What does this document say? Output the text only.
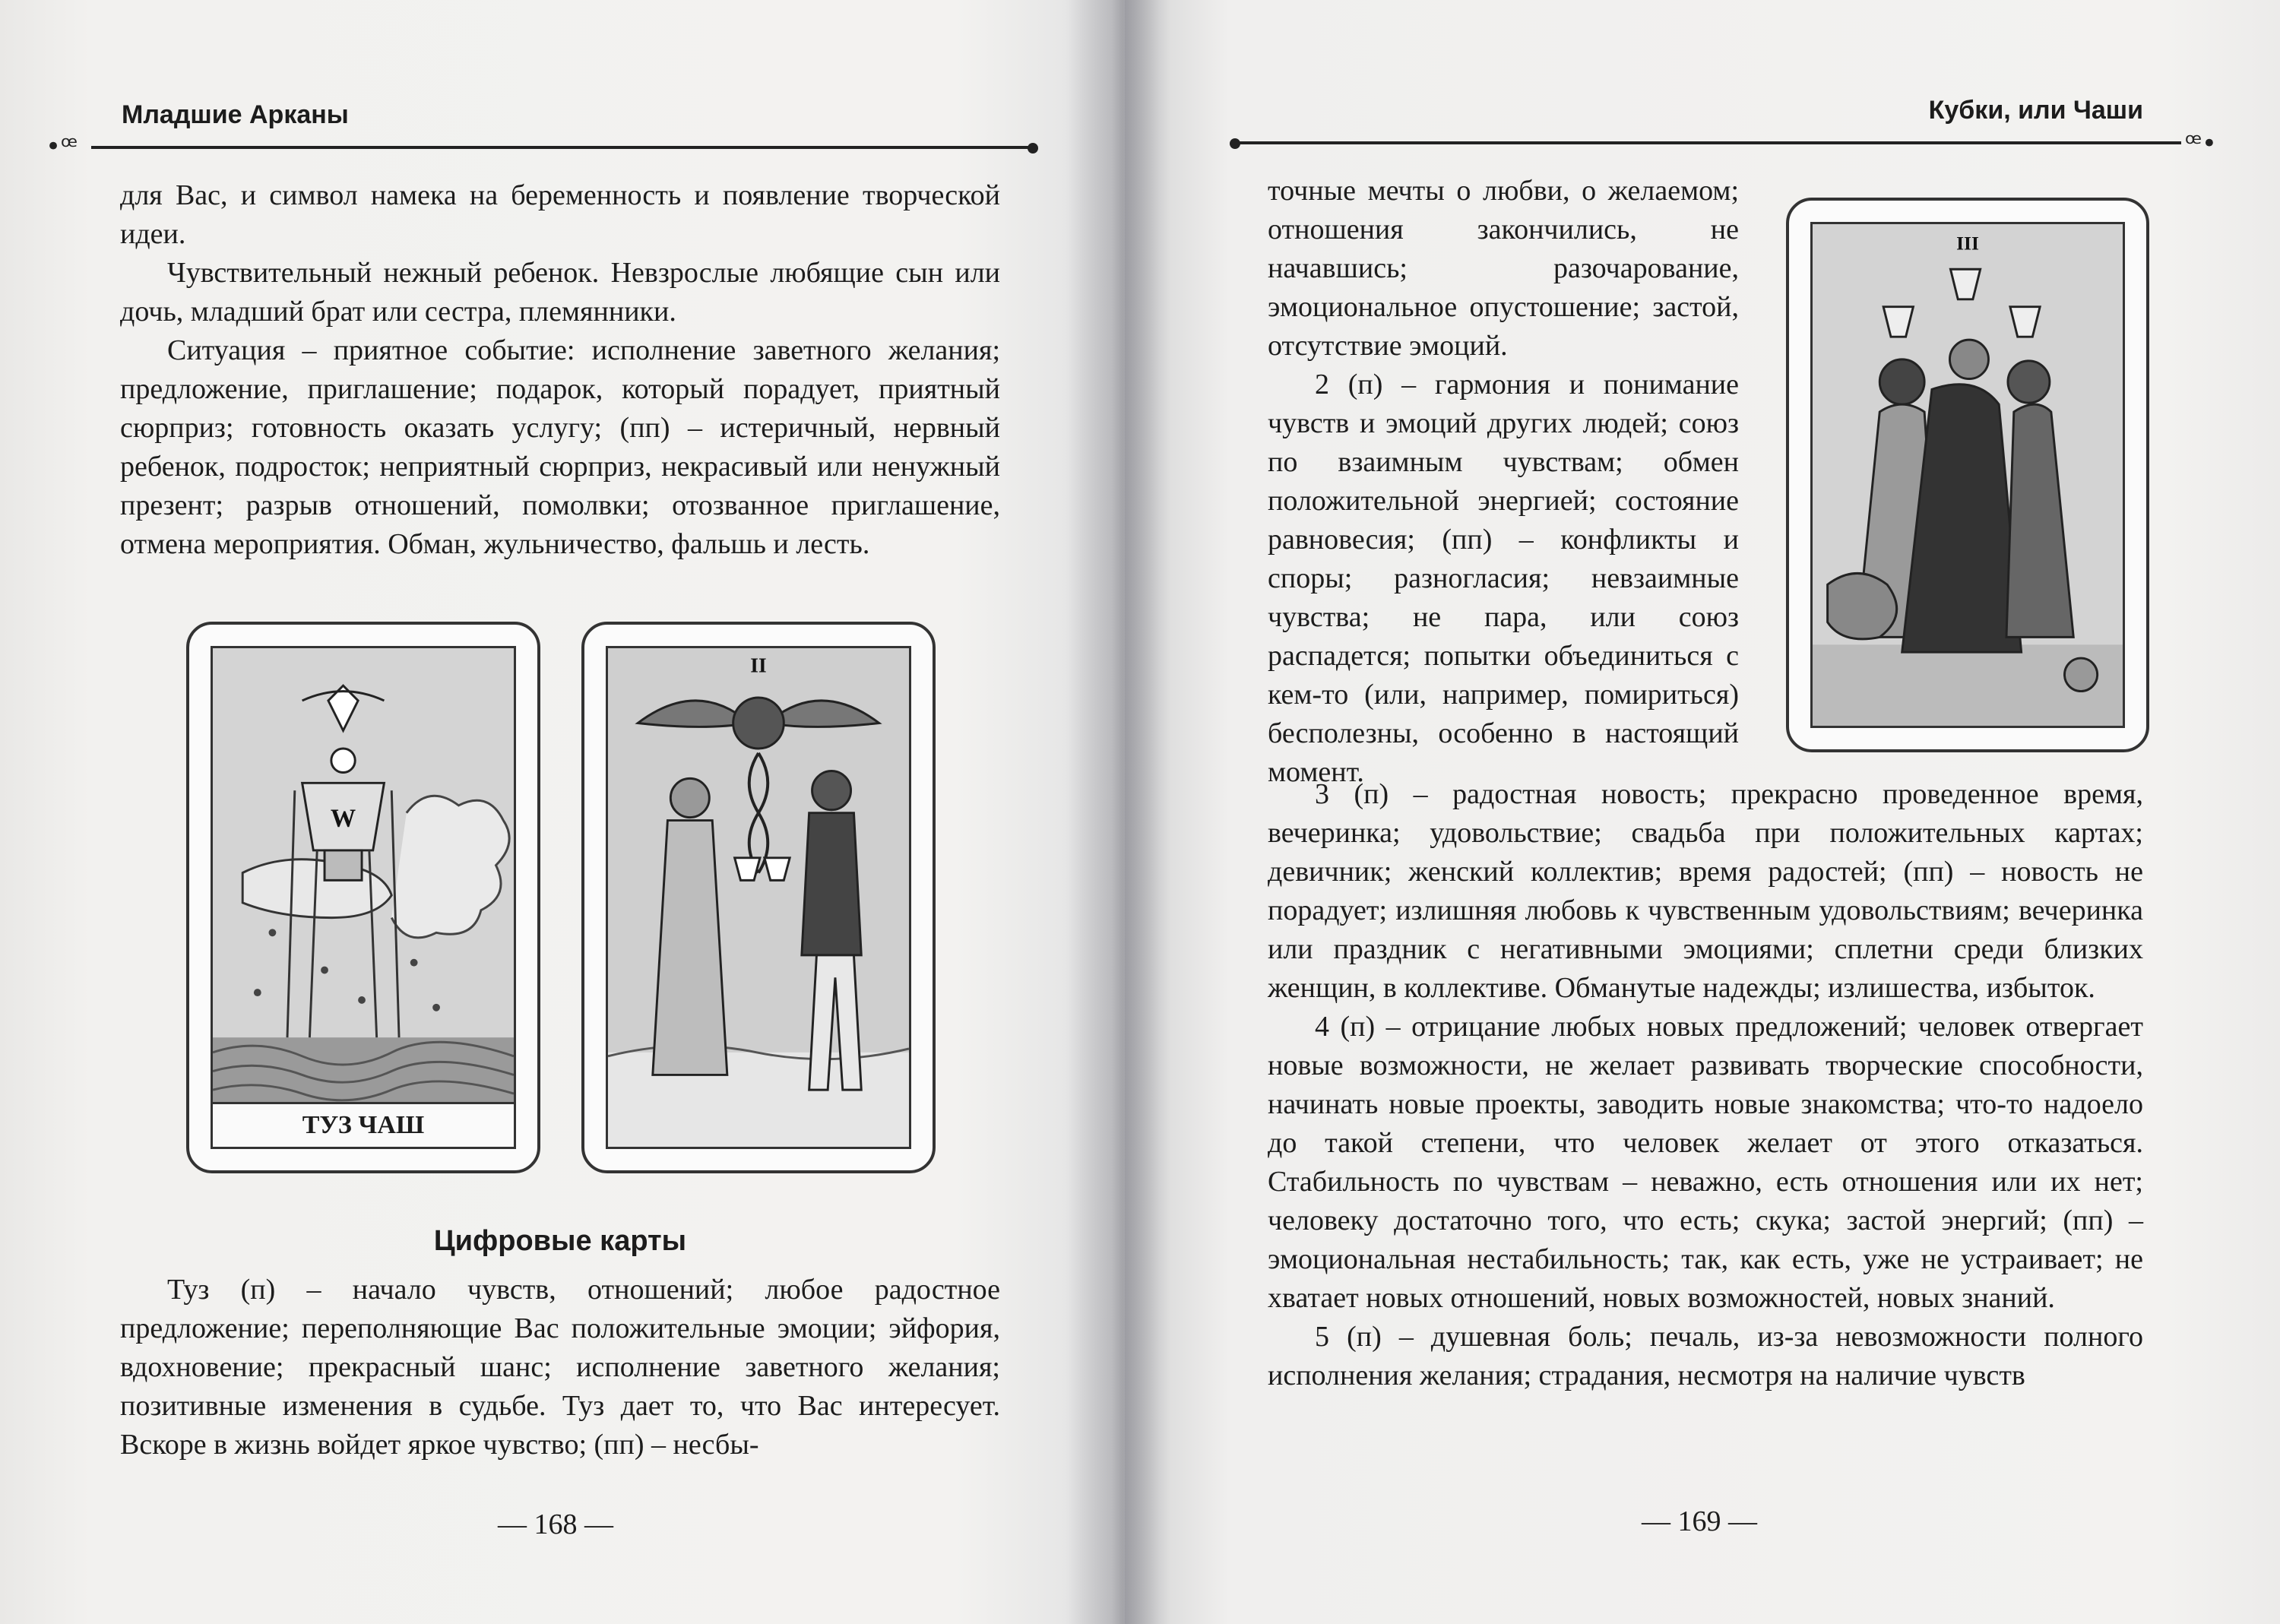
•ꟹ
Младшие Арканы

для Вас, и символ намека на беременность и появление творческой идеи.

Чувствительный нежный ребенок. Невзрослые любящие сын или дочь, младший брат или сестра, племянники.

Ситуация – приятное событие: исполнение заветного желания; предложение, приглашение; подарок, который порадует, приятный сюрприз; готовность оказать услугу; (пп) – истеричный, нервный ребенок, подросток; неприятный сюрприз, некрасивый или ненужный презент; разрыв отношений, помолвки; отозванное приглашение, отмена мероприятия. Обман, жульничество, фальшь и лесть.

W
ТУЗ ЧАШ
II
Цифровые карты

Туз (п) – начало чувств, отношений; любое радостное предложение; переполняющие Вас положительные эмоции; эйфория, вдохновение; прекрасный шанс; исполнение заветного желания; позитивные изменения в судьбе. Туз дает то, что Вас интересует. Вскоре в жизнь войдет яркое чувство; (пп) – несбы-

— 168 —
ꟹ•
Кубки, или Чаши

точные мечты о любви, о желаемом; отношения закончились, не начавшись; разочарование, эмоциональное опустошение; застой, отсутствие эмоций.

2 (п) – гармония и понимание чувств и эмоций других людей; союз по взаимным чувствам; обмен положительной энергией; состояние равновесия; (пп) – конфликты и споры; разногласия; невзаимные чувства; не пара, или союз распадется; попытки объединиться с кем-то (или, например, помириться) бесполезны, особенно в настоящий момент.

III

3 (п) – радостная новость; прекрасно проведенное время, вечеринка; удовольствие; свадьба при положительных картах; девичник; женский коллектив; время радостей; (пп) – новость не порадует; излишняя любовь к чувственным удовольствиям; вечеринка или праздник с негативными эмоциями; сплетни среди близких женщин, в коллективе. Обманутые надежды; излишества, избыток.

4 (п) – отрицание любых новых предложений; человек отвергает новые возможности, не желает развивать творческие способности, начинать новые проекты, заводить новые знакомства; что-то надоело до такой степени, что человек желает от этого отказаться. Стабильность по чувствам – неважно, есть отношения или их нет; человеку достаточно того, что есть; скука; застой энергий; (пп) – эмоциональная нестабильность; так, как есть, уже не устраивает; не хватает новых отношений, новых возможностей, новых знаний.

5 (п) – душевная боль; печаль, из-за невозможности полного исполнения желания; страдания, несмотря на наличие чувств

— 169 —
